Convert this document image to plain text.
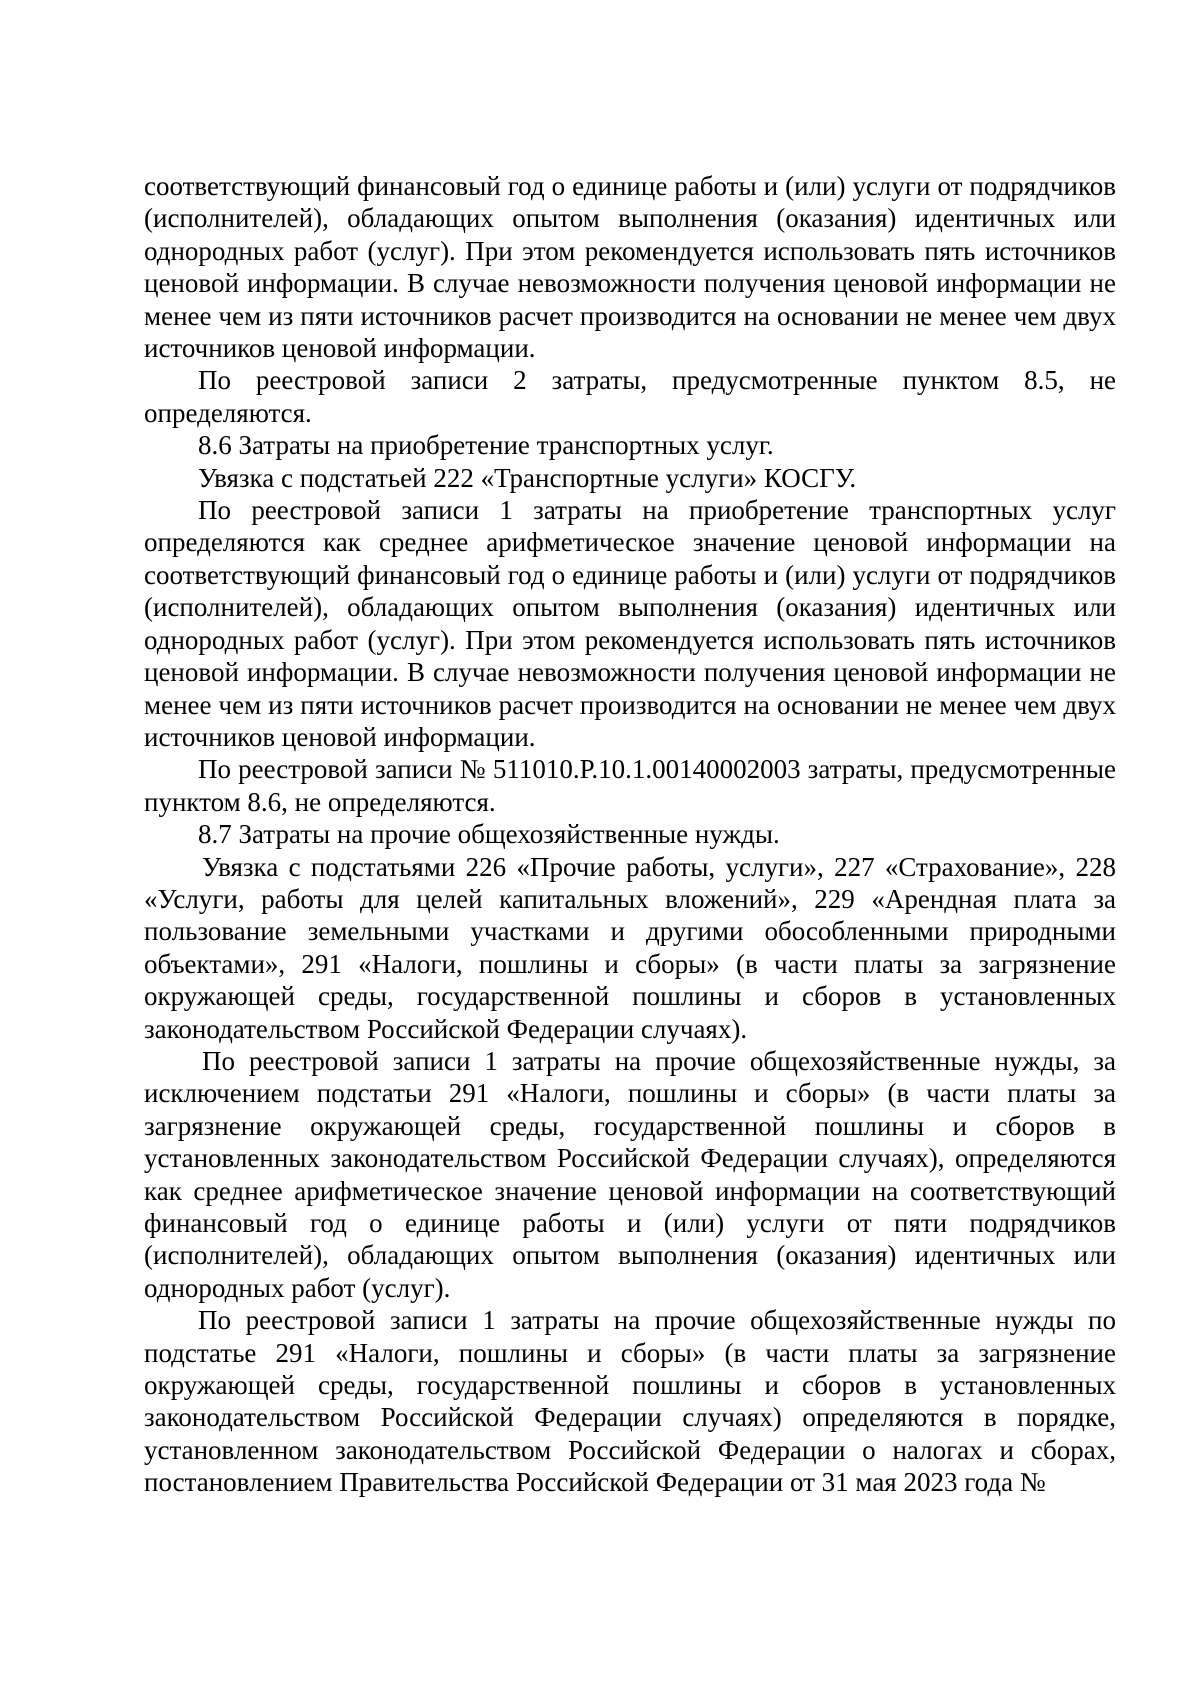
соответствующий финансовый год о единице работы и (или) услуги от подрядчиков (исполнителей), обладающих опытом выполнения (оказания) идентичных или однородных работ (услуг). При этом рекомендуется использовать пять источников ценовой информации. В случае невозможности получения ценовой информации не менее чем из пяти источников расчет производится на основании не менее чем двух источников ценовой информации.

По реестровой записи 2 затраты, предусмотренные пунктом 8.5, не определяются.

8.6 Затраты на приобретение транспортных услуг.

Увязка с подстатьей 222 «Транспортные услуги» КОСГУ.

По реестровой записи 1 затраты на приобретение транспортных услуг определяются как среднее арифметическое значение ценовой информации на соответствующий финансовый год о единице работы и (или) услуги от подрядчиков (исполнителей), обладающих опытом выполнения (оказания) идентичных или однородных работ (услуг). При этом рекомендуется использовать пять источников ценовой информации. В случае невозможности получения ценовой информации не менее чем из пяти источников расчет производится на основании не менее чем двух источников ценовой информации.

По реестровой записи № 511010.Р.10.1.00140002003 затраты, предусмотренные пунктом 8.6, не определяются.

8.7 Затраты на прочие общехозяйственные нужды.

Увязка с подстатьями 226 «Прочие работы, услуги», 227 «Страхование», 228 «Услуги, работы для целей капитальных вложений», 229 «Арендная плата за пользование земельными участками и другими обособленными природными объектами», 291 «Налоги, пошлины и сборы» (в части платы за загрязнение окружающей среды, государственной пошлины и сборов в установленных законодательством Российской Федерации случаях).

По реестровой записи 1 затраты на прочие общехозяйственные нужды, за исключением подстатьи 291 «Налоги, пошлины и сборы» (в части платы за загрязнение окружающей среды, государственной пошлины и сборов в установленных законодательством Российской Федерации случаях), определяются как среднее арифметическое значение ценовой информации на соответствующий финансовый год о единице работы и (или) услуги от пяти подрядчиков (исполнителей), обладающих опытом выполнения (оказания) идентичных или однородных работ (услуг).

По реестровой записи 1 затраты на прочие общехозяйственные нужды по подстатье 291 «Налоги, пошлины и сборы» (в части платы за загрязнение окружающей среды, государственной пошлины и сборов в установленных законодательством Российской Федерации случаях) определяются в порядке, установленном законодательством Российской Федерации о налогах и сборах, постановлением Правительства Российской Федерации от 31 мая 2023 года №
